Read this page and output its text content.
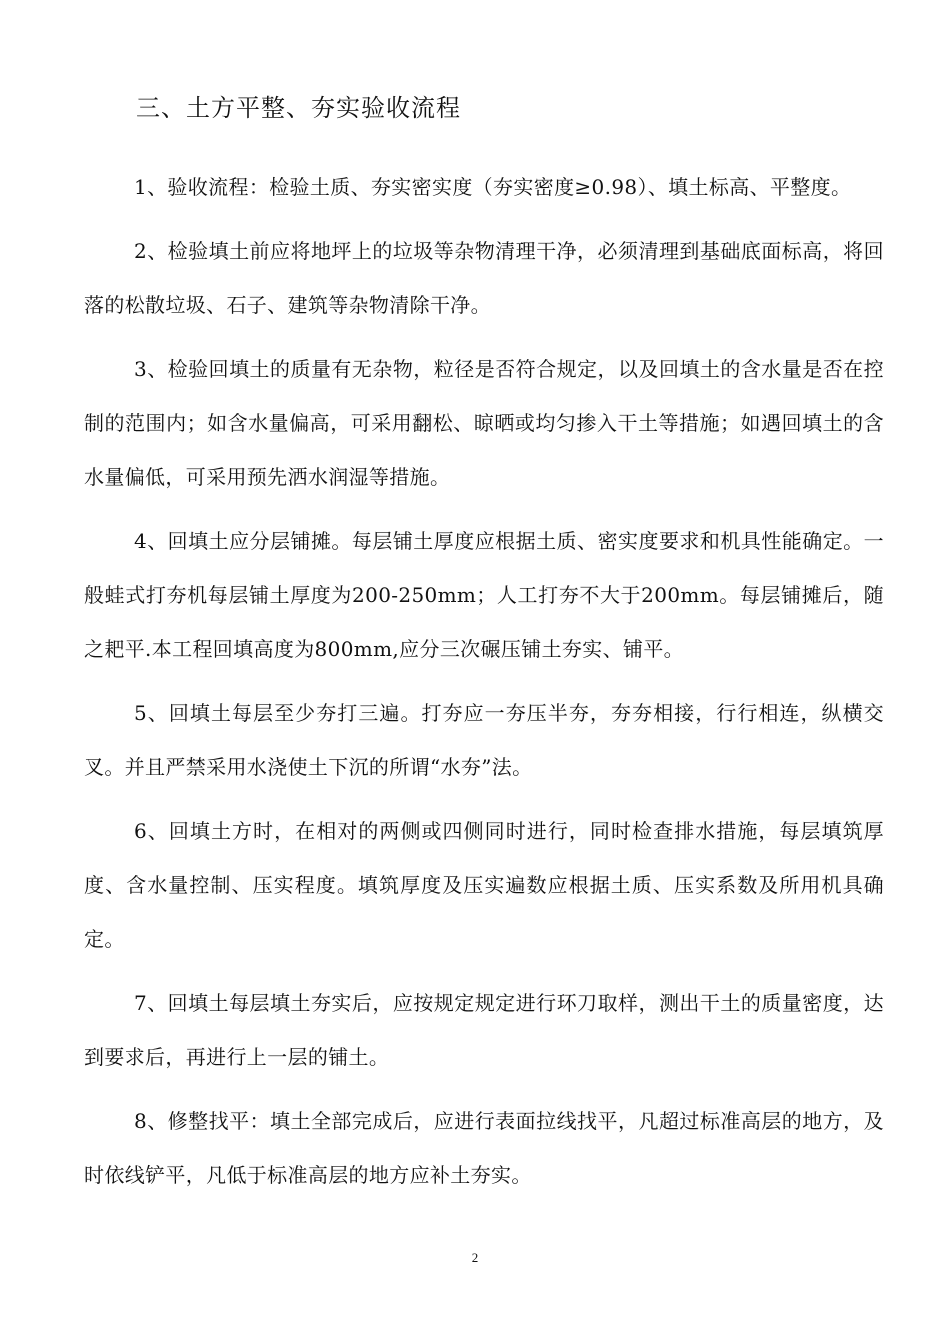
三、土方平整、夯实验收流程

1、验收流程：检验土质、夯实密实度（夯实密度≥0.98）、填土标高、平整度。

2、检验填土前应将地坪上的垃圾等杂物清理干净，必须清理到基础底面标高，将回落的松散垃圾、石子、建筑等杂物清除干净。

3、检验回填土的质量有无杂物，粒径是否符合规定，以及回填土的含水量是否在控制的范围内；如含水量偏高，可采用翻松、晾晒或均匀掺入干土等措施；如遇回填土的含水量偏低，可采用预先洒水润湿等措施。

4、回填土应分层铺摊。每层铺土厚度应根据土质、密实度要求和机具性能确定。一般蛙式打夯机每层铺土厚度为200-250mm；人工打夯不大于200mm。每层铺摊后，随之耙平.本工程回填高度为800mm,应分三次碾压铺土夯实、铺平。

5、回填土每层至少夯打三遍。打夯应一夯压半夯，夯夯相接，行行相连，纵横交叉。并且严禁采用水浇使土下沉的所谓“水夯”法。

6、回填土方时，在相对的两侧或四侧同时进行，同时检查排水措施，每层填筑厚度、含水量控制、压实程度。填筑厚度及压实遍数应根据土质、压实系数及所用机具确定。

7、回填土每层填土夯实后，应按规定规定进行环刀取样，测出干土的质量密度，达到要求后，再进行上一层的铺土。

8、修整找平：填土全部完成后，应进行表面拉线找平，凡超过标准高层的地方，及时依线铲平，凡低于标准高层的地方应补土夯实。

2
